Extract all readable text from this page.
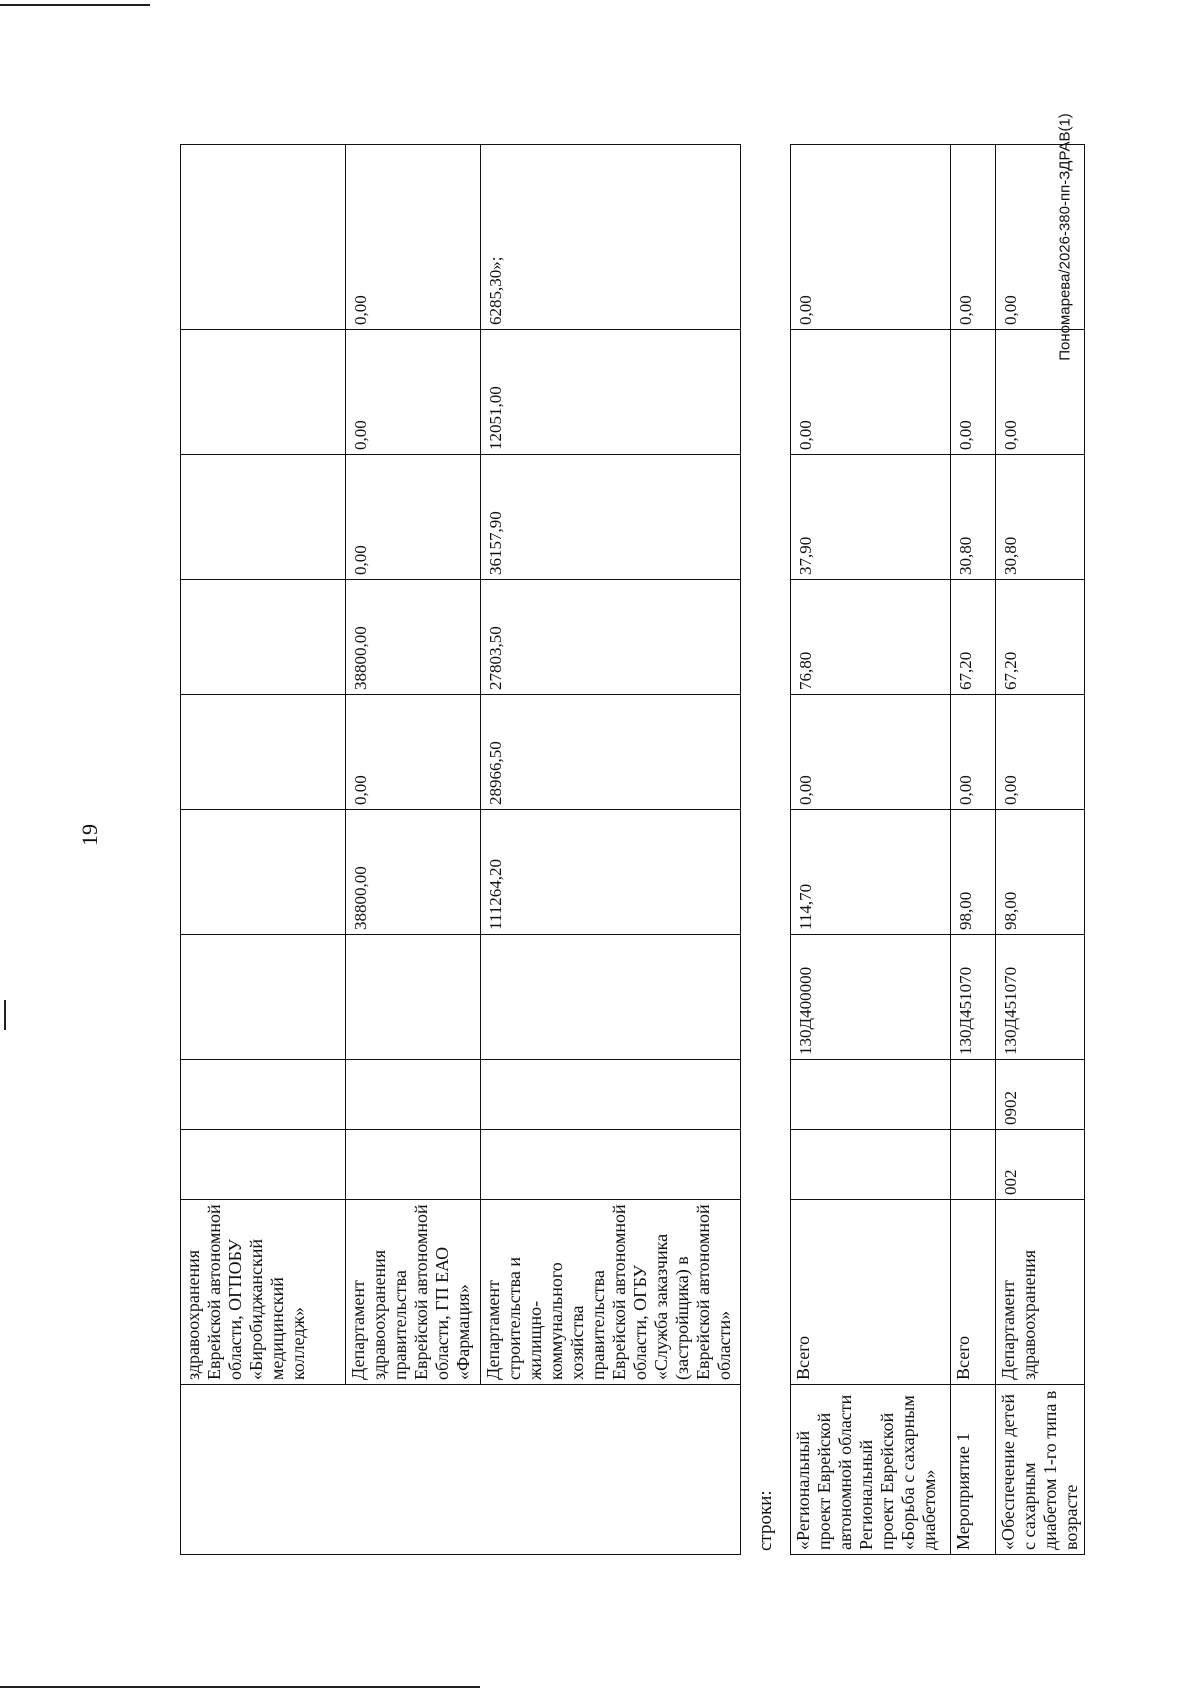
19
Пономарева/2026-380-пп-ЗДРАВ(1)
	здравоохранения Еврейской автономной области, ОГПОБУ «Биробиджанский медицинский колледж»									
	Департамент здравоохранения правительства Еврейской автономной области, ГП ЕАО «Фармация»				38800,00	0,00	38800,00	0,00	0,00	0,00
	Департамент строительства и жилищно-коммунального хозяйства правительства Еврейской автономной области, ОГБУ «Служба заказчика (застройщика) в Еврейской автономной области»				111264,20	28966,50	27803,50	36157,90	12051,00	6285,30»;
строки: «Региональный проект Еврейской автономной области Региональный проект Еврейской «Борьба с сахарным диабетом»	Всего			130Д400000	114,70	0,00	76,80	37,90	0,00	0,00
Мероприятие 1	Всего			130Д451070	98,00	0,00	67,20	30,80	0,00	0,00
«Обеспечение детей с сахарным диабетом 1-го типа в возрасте	Департамент здравоохранения	002	0902	130Д451070	98,00	0,00	67,20	30,80	0,00	0,00
